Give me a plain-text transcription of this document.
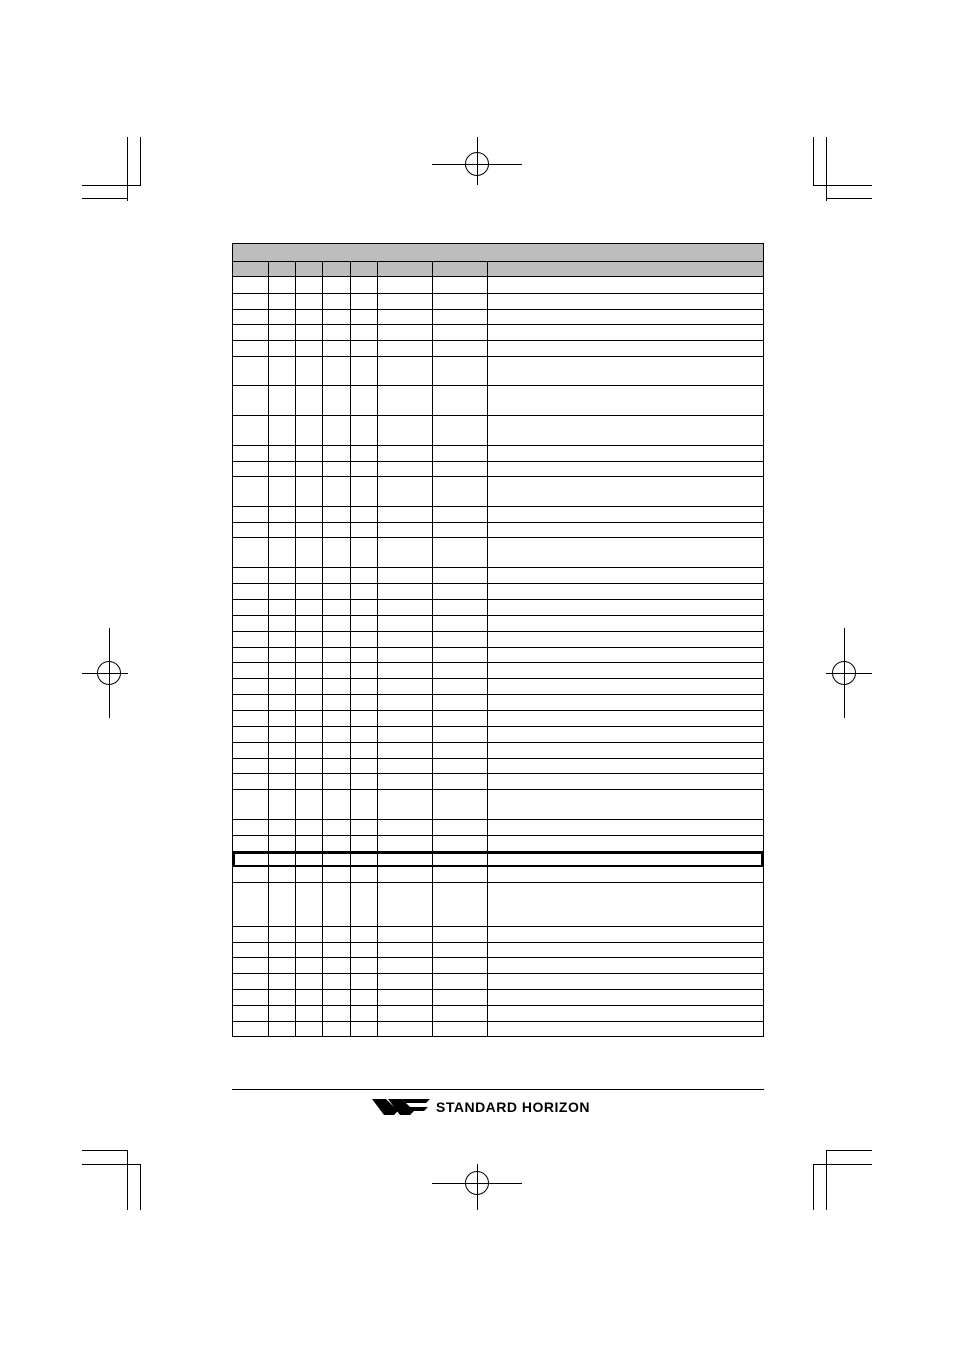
STANDARD HORIZON
